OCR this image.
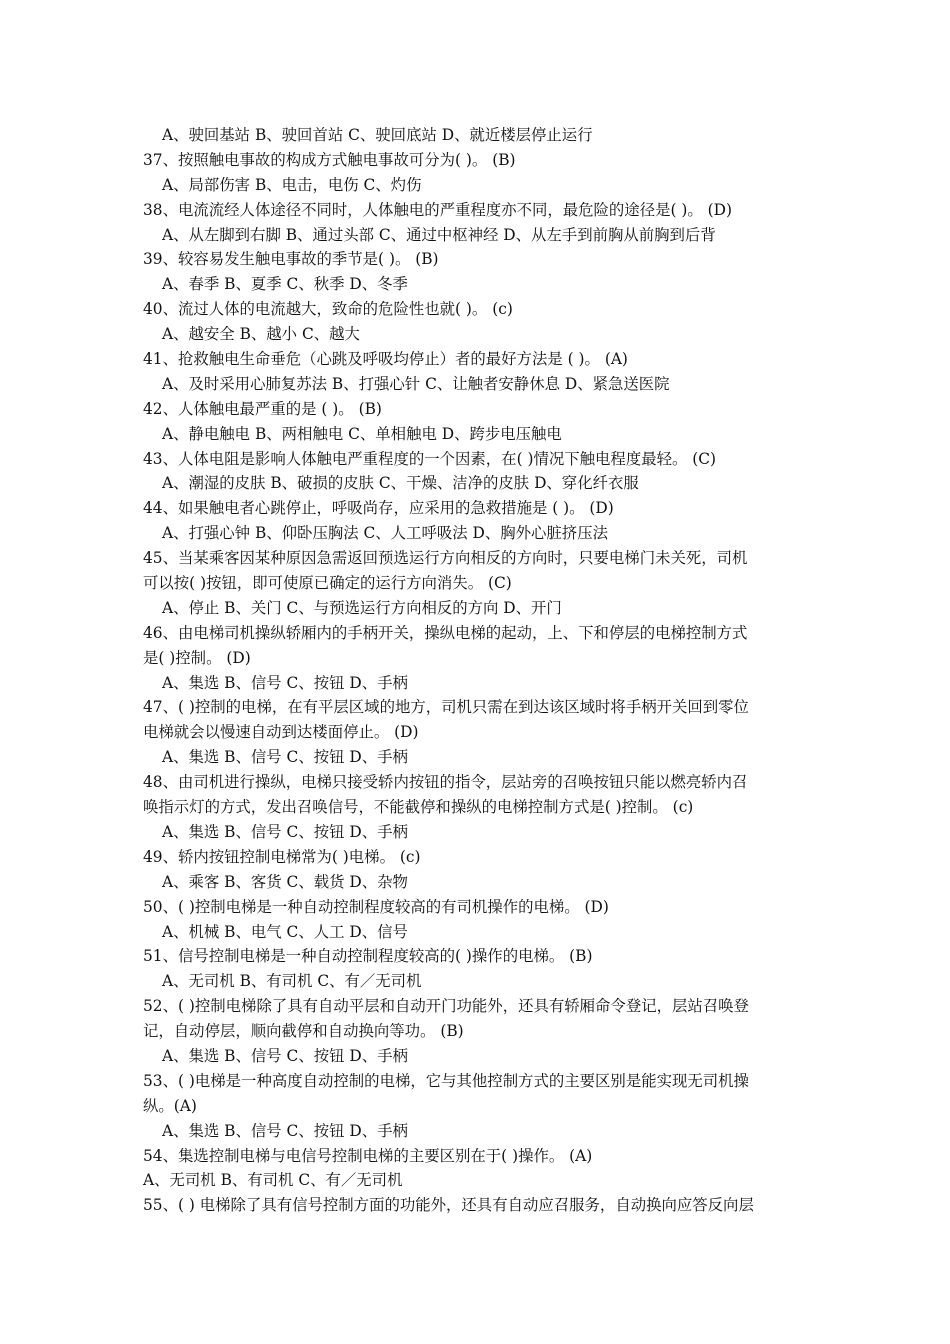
A、驶回基站 B、驶回首站 C、驶回底站 D、就近楼层停止运行
37、按照触电事故的构成方式触电事故可分为( )。 (B)
A、局部伤害 B、电击，电伤 C、灼伤
38、电流流经人体途径不同时，人体触电的严重程度亦不同，最危险的途径是( )。 (D)
A、从左脚到右脚 B、通过头部 C、通过中枢神经 D、从左手到前胸从前胸到后背
39、较容易发生触电事故的季节是( )。 (B)
A、春季 B、夏季 C、秋季 D、冬季
40、流过人体的电流越大，致命的危险性也就( )。 (c)
A、越安全 B、越小 C、越大
41、抢救触电生命垂危（心跳及呼吸均停止）者的最好方法是 ( )。 (A)
A、及时采用心肺复苏法 B、打强心针 C、让触者安静休息 D、紧急送医院
42、人体触电最严重的是 ( )。 (B)
A、静电触电 B、两相触电 C、单相触电 D、跨步电压触电
43、人体电阻是影响人体触电严重程度的一个因素，在( )情况下触电程度最轻。 (C)
A、潮湿的皮肤 B、破损的皮肤 C、干燥、洁净的皮肤 D、穿化纤衣服
44、如果触电者心跳停止，呼吸尚存，应采用的急救措施是 ( )。 (D)
A、打强心钟 B、仰卧压胸法 C、人工呼吸法 D、胸外心脏挤压法
45、当某乘客因某种原因急需返回预选运行方向相反的方向时，只要电梯门未关死，司机
可以按( )按钮，即可使原已确定的运行方向消失。 (C)
A、停止 B、关门 C、与预选运行方向相反的方向 D、开门
46、由电梯司机操纵轿厢内的手柄开关，操纵电梯的起动，上、下和停层的电梯控制方式
是( )控制。 (D)
A、集选 B、信号 C、按钮 D、手柄
47、( )控制的电梯，在有平层区域的地方，司机只需在到达该区域时将手柄开关回到零位
电梯就会以慢速自动到达楼面停止。 (D)
A、集选 B、信号 C、按钮 D、手柄
48、由司机进行操纵，电梯只接受轿内按钮的指令，层站旁的召唤按钮只能以燃亮轿内召
唤指示灯的方式，发出召唤信号，不能截停和操纵的电梯控制方式是( )控制。 (c)
A、集选 B、信号 C、按钮 D、手柄
49、轿内按钮控制电梯常为( )电梯。 (c)
A、乘客 B、客货 C、载货 D、杂物
50、( )控制电梯是一种自动控制程度较高的有司机操作的电梯。 (D)
A、机械 B、电气 C、人工 D、信号
51、信号控制电梯是一种自动控制程度较高的( )操作的电梯。 (B)
A、无司机 B、有司机 C、有／无司机
52、( )控制电梯除了具有自动平层和自动开门功能外，还具有轿厢命令登记，层站召唤登
记，自动停层，顺向截停和自动换向等功。 (B)
A、集选 B、信号 C、按钮 D、手柄
53、( )电梯是一种高度自动控制的电梯，它与其他控制方式的主要区别是能实现无司机操
纵。(A)
A、集选 B、信号 C、按钮 D、手柄
54、集选控制电梯与电信号控制电梯的主要区别在于( )操作。 (A)
A、无司机 B、有司机 C、有／无司机
55、( ) 电梯除了具有信号控制方面的功能外，还具有自动应召服务，自动换向应答反向层
